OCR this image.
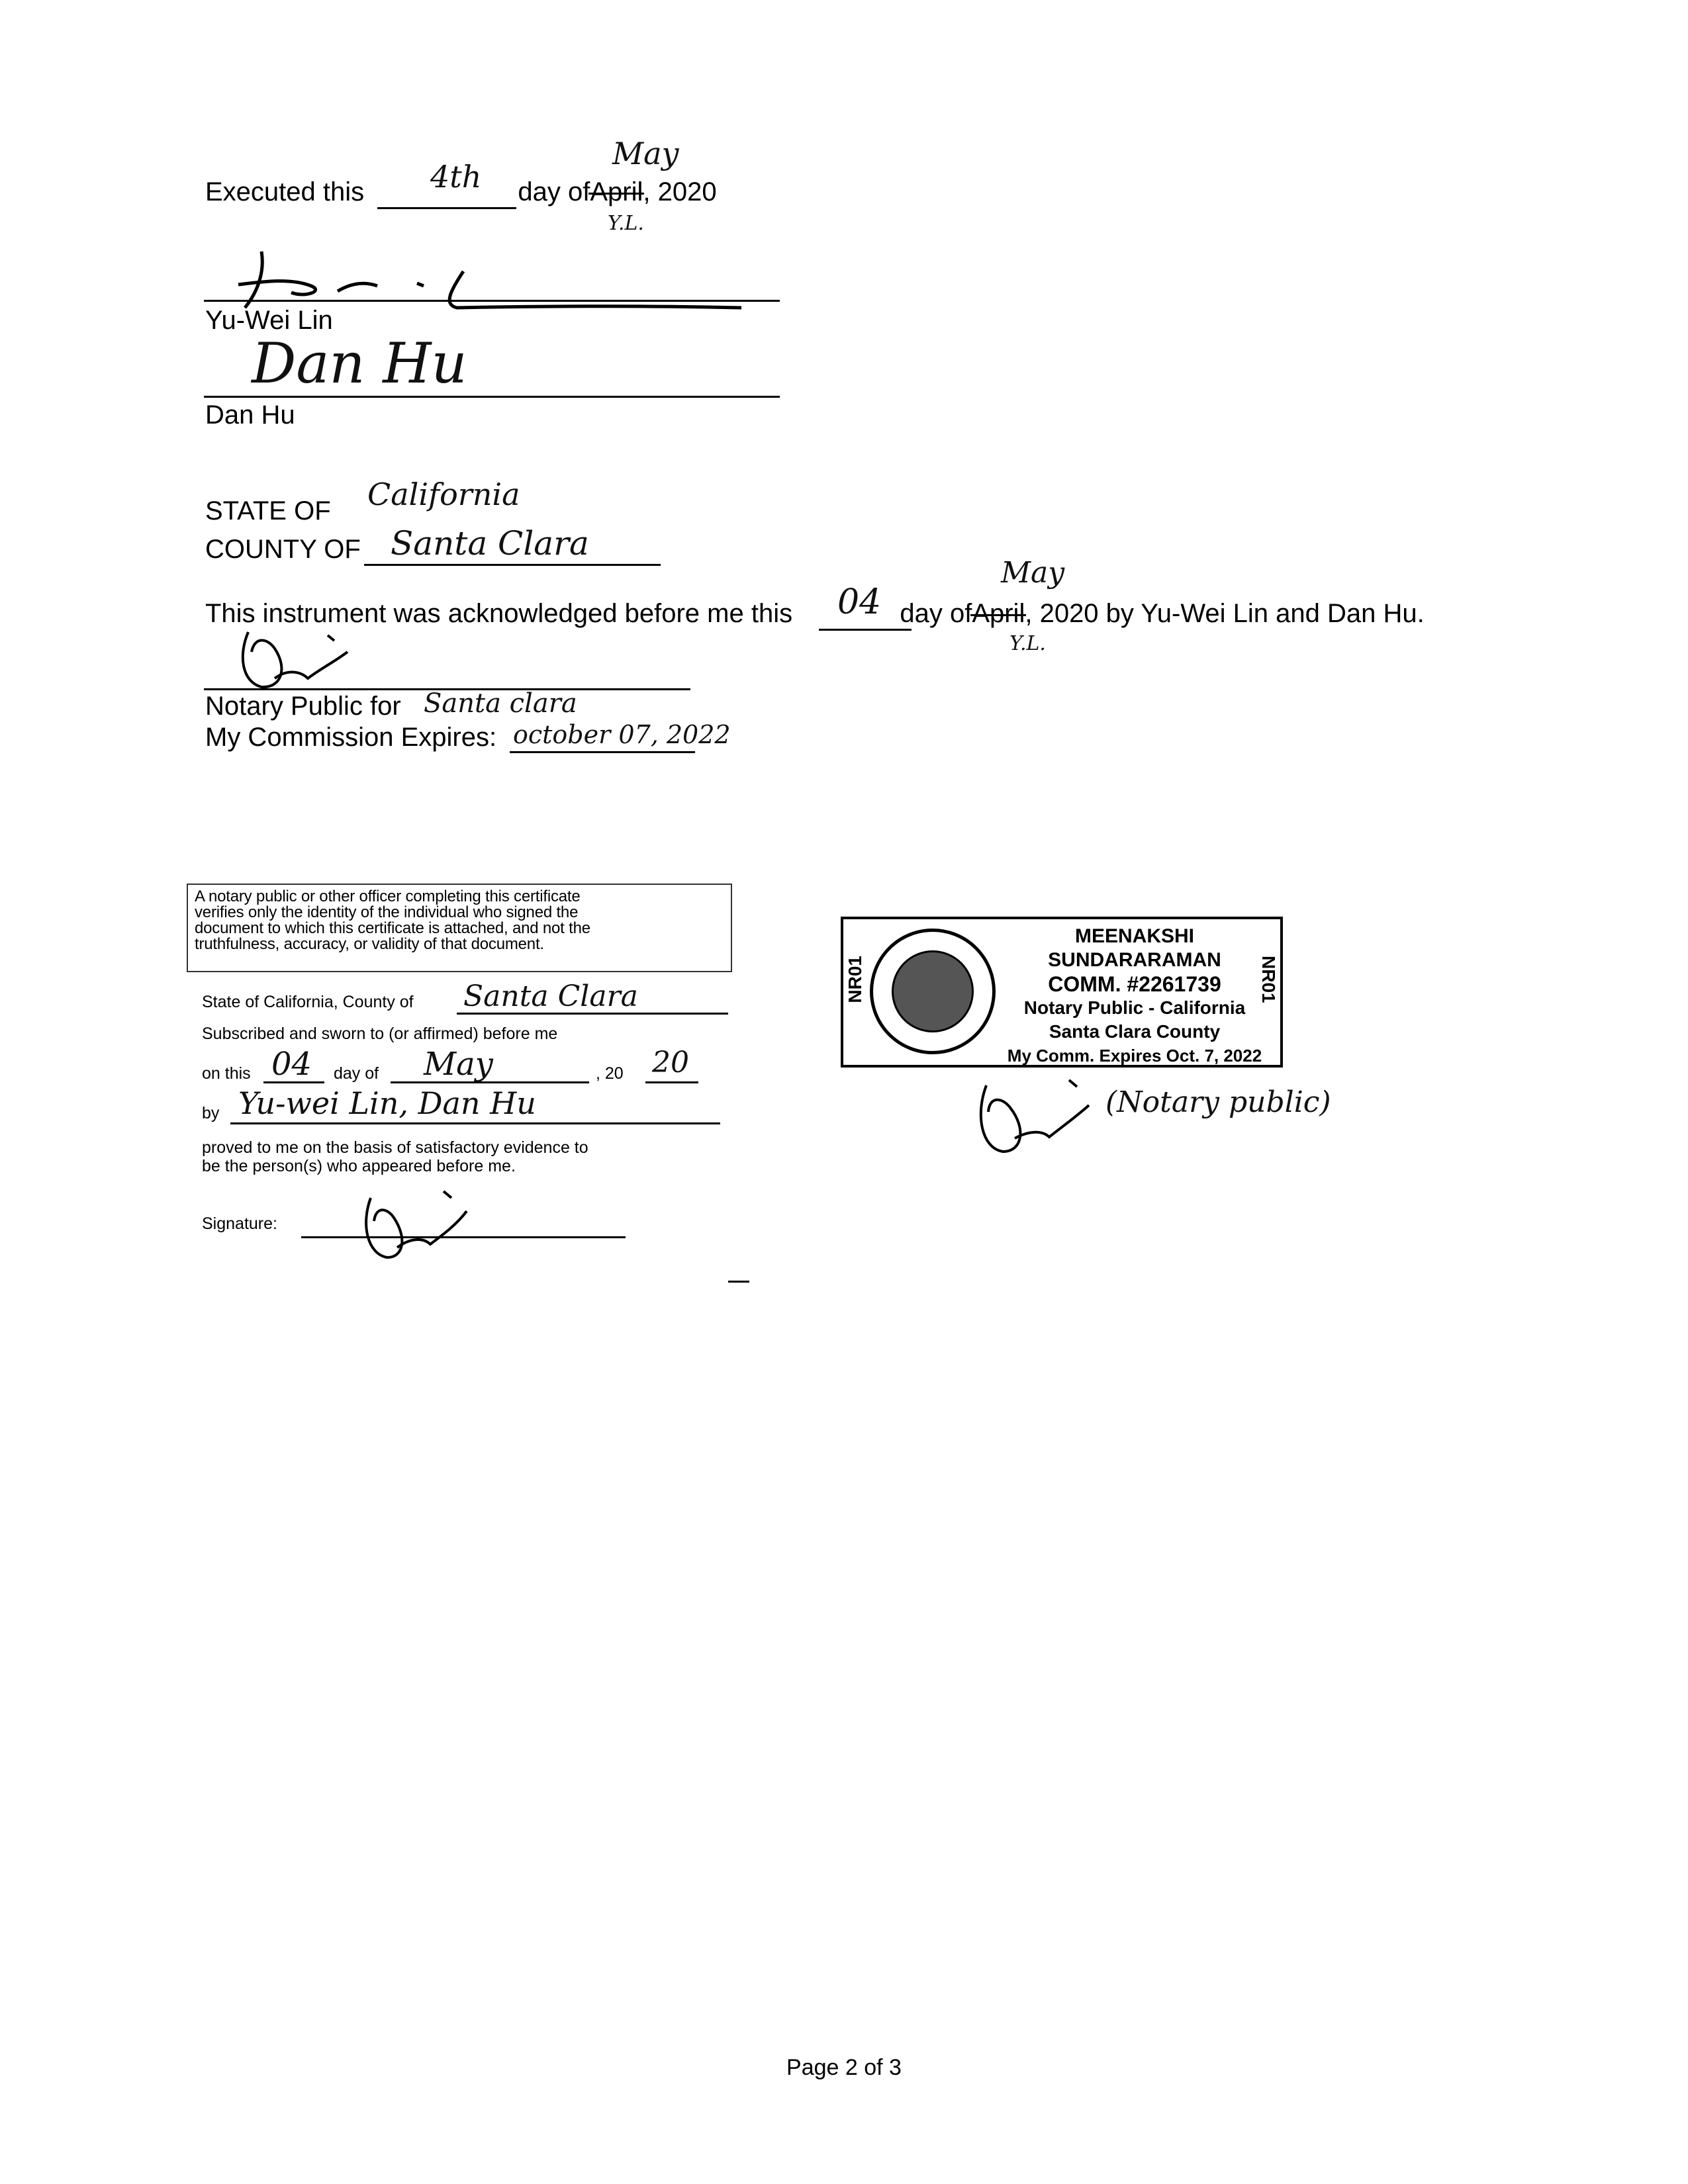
Executed this	day ofApril, 2020
4th
May
Y.L.
Yu-Wei Lin
Dan Hu
Dan Hu
STATE OF California
COUNTY OF Santa Clara
This instrument was acknowledged before me this	day ofApril, 2020 by Yu-Wei Lin and Dan Hu.
04
May
Y.L.
Notary Public for Santa clara
My Commission Expires: october 07, 2022
A notary public or other officer completing this certificate
verifies only the identity of the individual who signed the
document to which this certificate is attached, and not the
truthfulness, accuracy, or validity of that document.
State of California, County of Santa Clara
Subscribed and sworn to (or affirmed) before me
on this 04 day of May	, 20 20
by Yu-wei Lin, Dan Hu
proved to me on the basis of satisfactory evidence to
be the person(s) who appeared before me.
Signature:
NR01	NR01
MEENAKSHI SUNDARARAMAN
COMM. #2261739
Notary Public - California
Santa Clara County
My Comm. Expires Oct. 7, 2022
(Notary public)
Page 2 of 3
